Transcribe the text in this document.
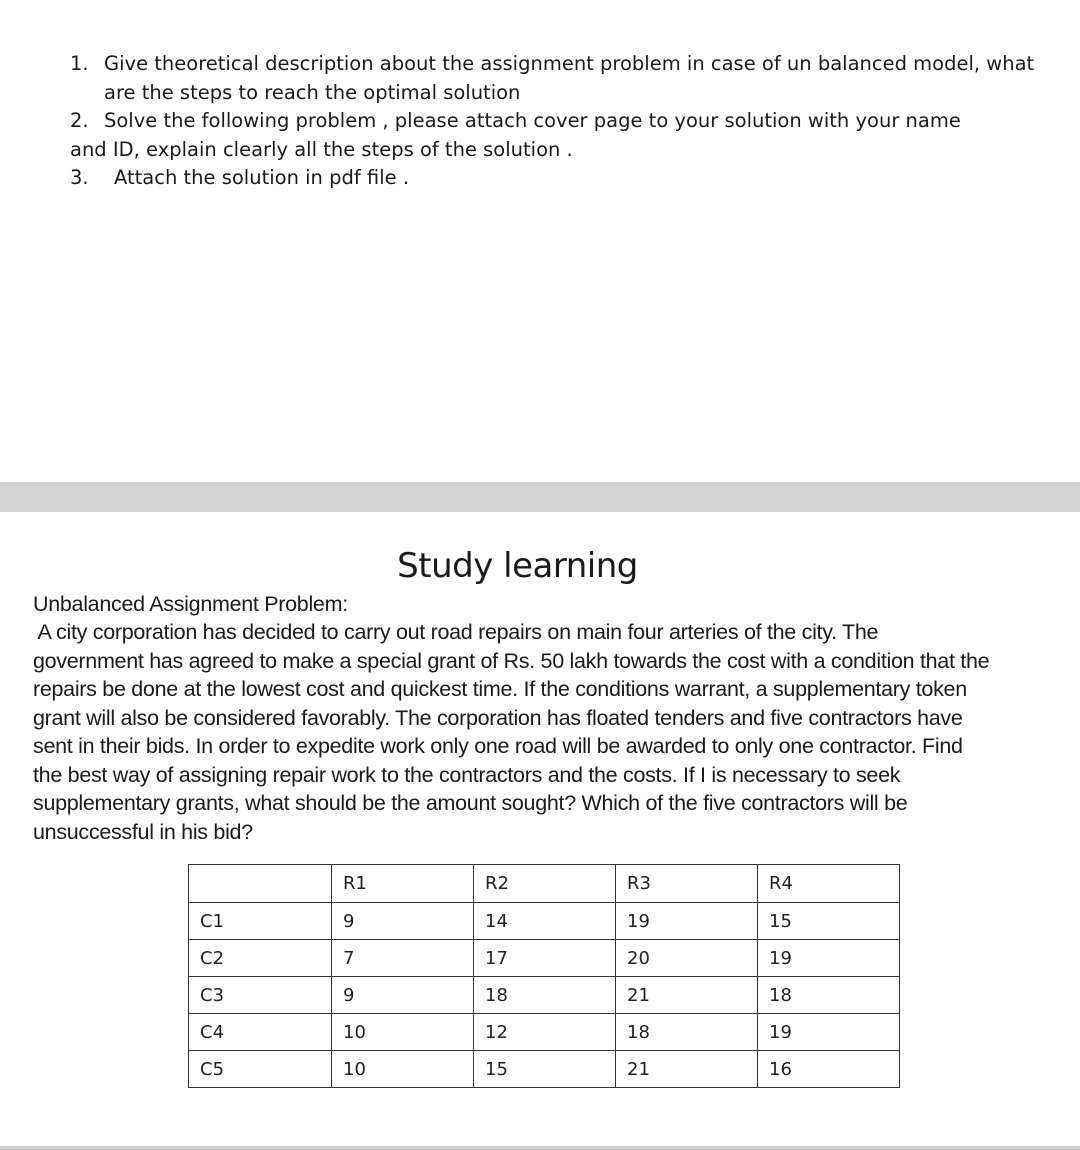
1. Give theoretical description about the assignment problem in case of un balanced model, what
are the steps to reach the optimal solution
2. Solve the following problem , please attach cover page to your solution with your name
and ID, explain clearly all the steps of the solution .
3. Attach the solution in pdf file .
Study learning
Unbalanced Assignment Problem:
A city corporation has decided to carry out road repairs on main four arteries of the city. The
government has agreed to make a special grant of Rs. 50 lakh towards the cost with a condition that the
repairs be done at the lowest cost and quickest time. If the conditions warrant, a supplementary token
grant will also be considered favorably. The corporation has floated tenders and five contractors have
sent in their bids. In order to expedite work only one road will be awarded to only one contractor. Find
the best way of assigning repair work to the contractors and the costs. If I is necessary to seek
supplementary grants, what should be the amount sought? Which of the five contractors will be
unsuccessful in his bid?
	R1	R2	R3	R4
C1	9	14	19	15
C2	7	17	20	19
C3	9	18	21	18
C4	10	12	18	19
C5	10	15	21	16
